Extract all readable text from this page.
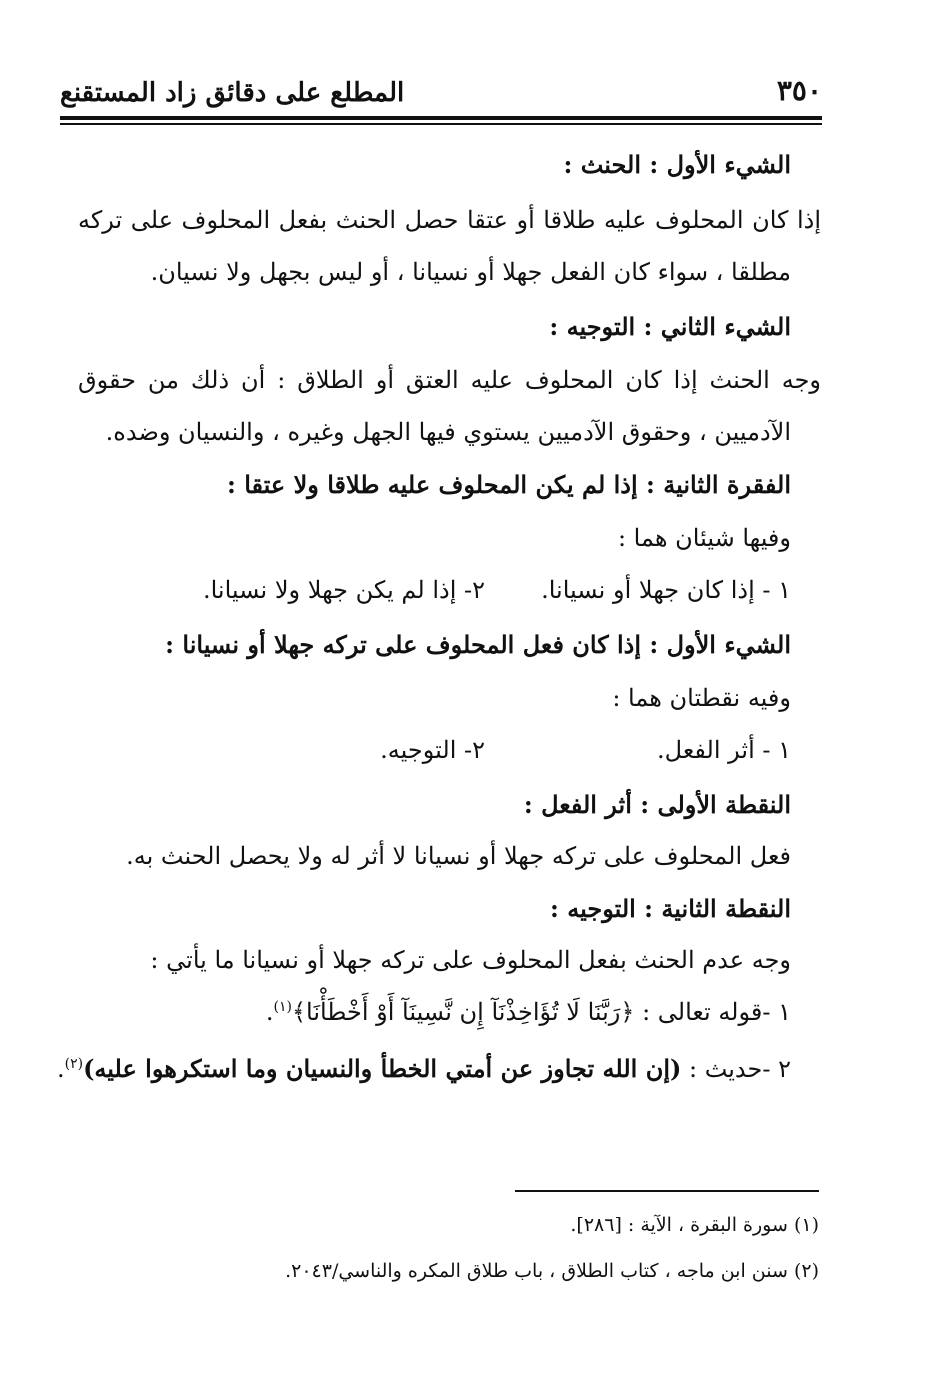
المطلع على دقائق زاد المستقنع	٣٥٠
الشيء الأول : الحنث :
إذا كان المحلوف عليه طلاقا أو عتقا حصل الحنث بفعل المحلوف على تركه
مطلقا ، سواء كان الفعل جهلا أو نسيانا ، أو ليس بجهل ولا نسيان.
الشيء الثاني : التوجيه :
وجه الحنث إذا كان المحلوف عليه العتق أو الطلاق : أن ذلك من حقوق
الآدميين ، وحقوق الآدميين يستوي فيها الجهل وغيره ، والنسيان وضده.
الفقرة الثانية : إذا لم يكن المحلوف عليه طلاقا ولا عتقا :
وفيها شيئان هما :
١ - إذا كان جهلا أو نسيانا.
٢- إذا لم يكن جهلا ولا نسيانا.
الشيء الأول : إذا كان فعل المحلوف على تركه جهلا أو نسيانا :
وفيه نقطتان هما :
١ - أثر الفعل.
٢- التوجيه.
النقطة الأولى : أثر الفعل :
فعل المحلوف على تركه جهلا أو نسيانا لا أثر له ولا يحصل الحنث به.
النقطة الثانية : التوجيه :
وجه عدم الحنث بفعل المحلوف على تركه جهلا أو نسيانا ما يأتي :
١ -قوله تعالى : ﴿رَبَّنَا لَا تُؤَاخِذْنَآ إِن نَّسِينَآ أَوْ أَخْطَأْنَا﴾$^{(١)}$.
٢ -حديث : (إن الله تجاوز عن أمتي الخطأ والنسيان وما استكرهوا عليه)$^{(٢)}$.
(١) سورة البقرة ، الآية : [٢٨٦].
(٢) سنن ابن ماجه ، كتاب الطلاق ، باب طلاق المكره والناسي/٢٠٤٣.
